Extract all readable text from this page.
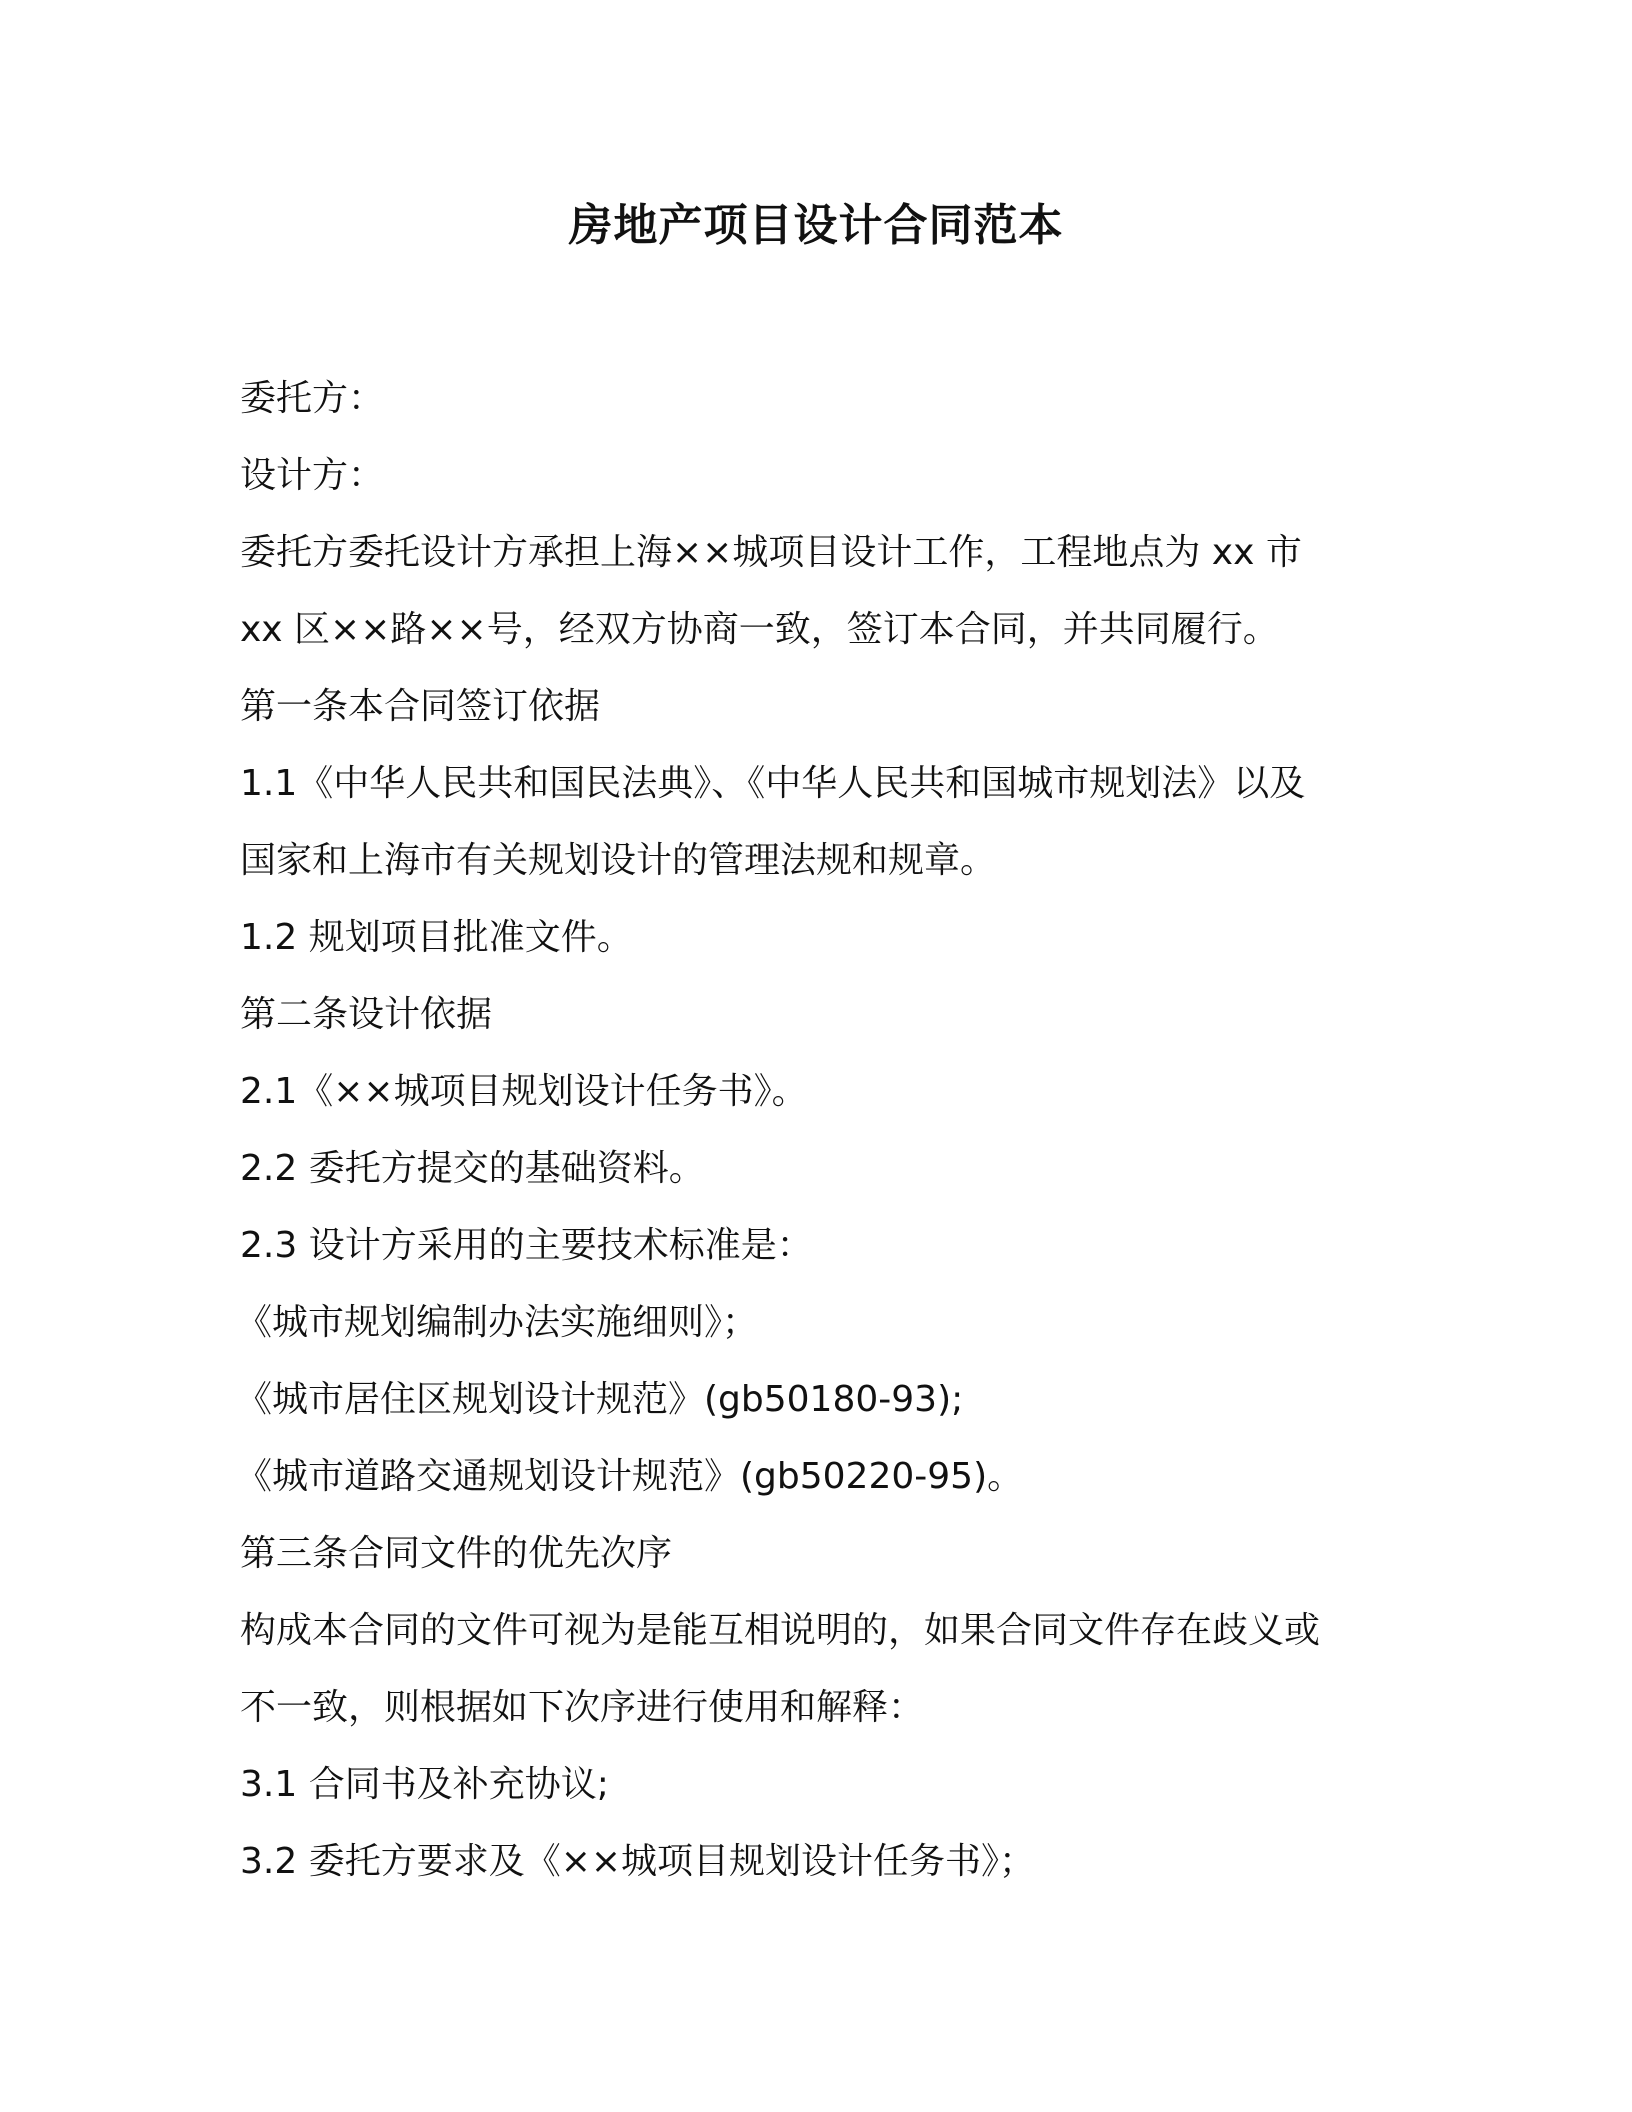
房地产项目设计合同范本

委托方：

设计方：

委托方委托设计方承担上海××城项目设计工作，工程地点为 xx 市

xx 区××路××号，经双方协商一致，签订本合同，并共同履行。

第一条本合同签订依据

1.1《中华人民共和国民法典》、《中华人民共和国城市规划法》以及

国家和上海市有关规划设计的管理法规和规章。

1.2 规划项目批准文件。

第二条设计依据

2.1《××城项目规划设计任务书》。

2.2 委托方提交的基础资料。

2.3 设计方采用的主要技术标准是：

《城市规划编制办法实施细则》；

《城市居住区规划设计规范》(gb50180-93);

《城市道路交通规划设计规范》(gb50220-95)。

第三条合同文件的优先次序

构成本合同的文件可视为是能互相说明的，如果合同文件存在歧义或

不一致，则根据如下次序进行使用和解释：

3.1 合同书及补充协议;

3.2 委托方要求及《××城项目规划设计任务书》；
